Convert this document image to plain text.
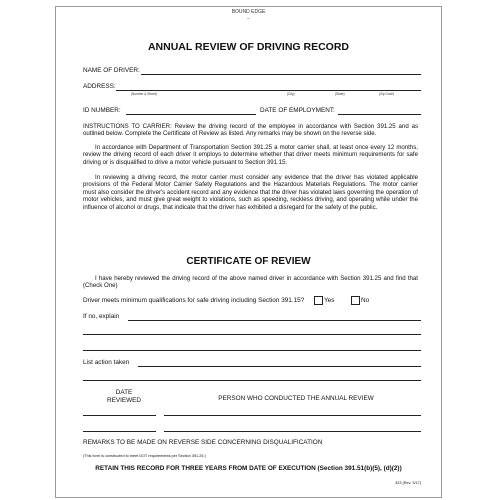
BOUND EDGE
–
ANNUAL REVIEW OF DRIVING RECORD
NAME OF DRIVER:
ADDRESS:
(Number & Street)	(City)	(State)	(Zip Code)
ID NUMBER:	DATE OF EMPLOYMENT:
INSTRUCTIONS TO CARRIER: Review the driving record of the employee in accordance with Section 391.25 and as outlined below. Complete the Certificate of Review as listed. Any remarks may be shown on the reverse side.
In accordance with Department of Transportation Section 391.25 a motor carrier shall, at least once every 12 months, review the driving record of each driver it employs to determine whether that driver meets minimum requirements for safe driving or is disqualified to drive a motor vehicle pursuant to Section 391.15.
In reviewing a driving record, the motor carrier must consider any evidence that the driver has violated applicable provisions of the Federal Motor Carrier Safety Regulations and the Hazardous Materials Regulations. The motor carrier must also consider the driver's accident record and any evidence that the driver has violated laws governing the operation of motor vehicles, and must give great weight to violations, such as speeding, reckless driving, and operating while under the influence of alcohol or drugs, that indicate that the driver has exhibited a disregard for the safety of the public.
CERTIFICATE OF REVIEW
I have hereby reviewed the driving record of the above named driver in accordance with Section 391.25 and find that (Check One)
Driver meets minimum qualifications for safe driving including Section 391.15?	Yes	No
If no, explain
List action taken
DATE REVIEWED	PERSON WHO CONDUCTED THE ANNUAL REVIEW
REMARKS TO BE MADE ON REVERSE SIDE CONCERNING DISQUALIFICATION
(This form is constructed to meet DOT requirements per Section 391.25.)
RETAIN THIS RECORD FOR THREE YEARS FROM DATE OF EXECUTION (Section 391.51(b)(5), (d)(2))
323 (Rev. 3/17)
